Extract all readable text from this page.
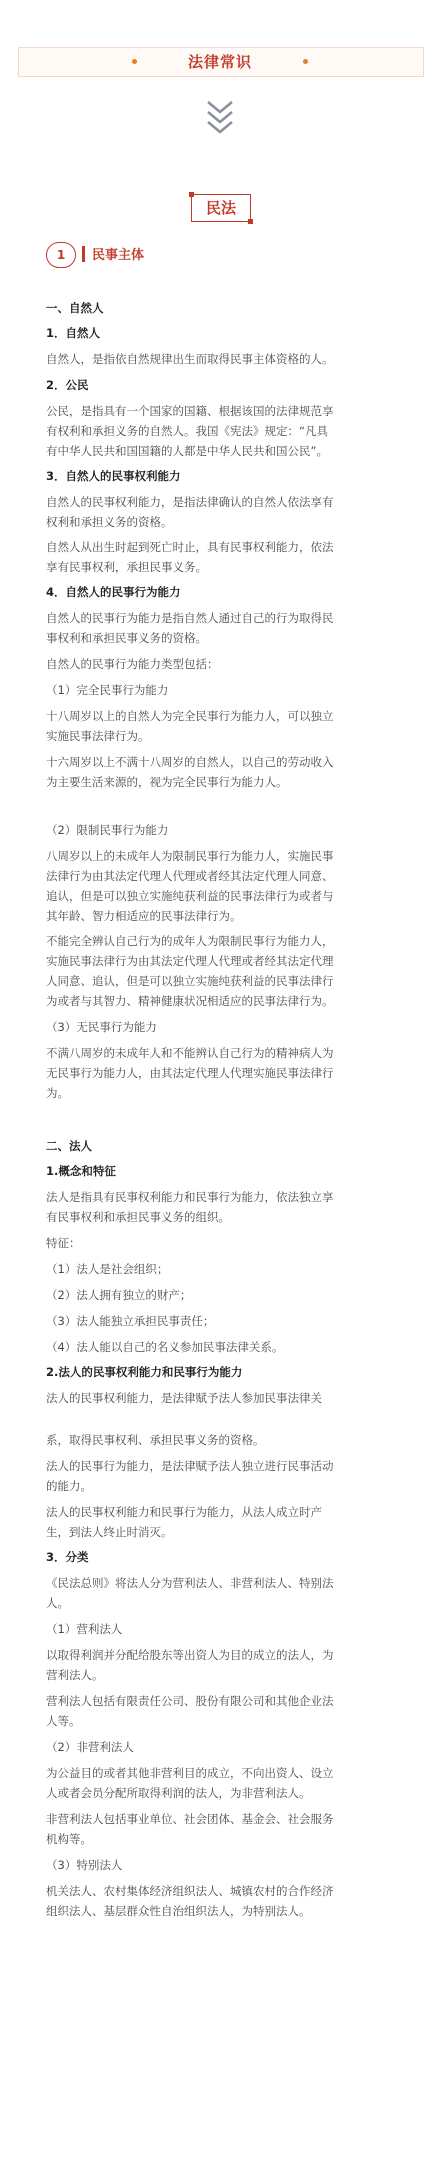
法律常识
民法
1	民事主体
一、自然人
1．自然人
自然人，是指依自然规律出生而取得民事主体资格的人。
2．公民
公民，是指具有一个国家的国籍、根据该国的法律规范享
有权利和承担义务的自然人。我国《宪法》规定：“凡具
有中华人民共和国国籍的人都是中华人民共和国公民”。
3．自然人的民事权利能力
自然人的民事权利能力，是指法律确认的自然人依法享有
权利和承担义务的资格。
自然人从出生时起到死亡时止，具有民事权利能力，依法
享有民事权利，承担民事义务。
4．自然人的民事行为能力
自然人的民事行为能力是指自然人通过自己的行为取得民
事权利和承担民事义务的资格。
自然人的民事行为能力类型包括：
（1）完全民事行为能力
十八周岁以上的自然人为完全民事行为能力人，可以独立
实施民事法律行为。
十六周岁以上不满十八周岁的自然人，以自己的劳动收入
为主要生活来源的，视为完全民事行为能力人。
（2）限制民事行为能力
八周岁以上的未成年人为限制民事行为能力人，实施民事
法律行为由其法定代理人代理或者经其法定代理人同意、
追认，但是可以独立实施纯获利益的民事法律行为或者与
其年龄、智力相适应的民事法律行为。
不能完全辨认自己行为的成年人为限制民事行为能力人，
实施民事法律行为由其法定代理人代理或者经其法定代理
人同意、追认，但是可以独立实施纯获利益的民事法律行
为或者与其智力、精神健康状况相适应的民事法律行为。
（3）无民事行为能力
不满八周岁的未成年人和不能辨认自己行为的精神病人为
无民事行为能力人，由其法定代理人代理实施民事法律行
为。
二、法人
1.概念和特征
法人是指具有民事权利能力和民事行为能力，依法独立享
有民事权利和承担民事义务的组织。
特征：
（1）法人是社会组织；
（2）法人拥有独立的财产；
（3）法人能独立承担民事责任；
（4）法人能以自己的名义参加民事法律关系。
2.法人的民事权利能力和民事行为能力
法人的民事权利能力，是法律赋予法人参加民事法律关
系，取得民事权利、承担民事义务的资格。
法人的民事行为能力，是法律赋予法人独立进行民事活动
的能力。
法人的民事权利能力和民事行为能力，从法人成立时产
生，到法人终止时消灭。
3．分类
《民法总则》将法人分为营利法人、非营利法人、特别法
人。
（1）营利法人
以取得利润并分配给股东等出资人为目的成立的法人，为
营利法人。
营利法人包括有限责任公司、股份有限公司和其他企业法
人等。
（2）非营利法人
为公益目的或者其他非营利目的成立，不向出资人、设立
人或者会员分配所取得利润的法人，为非营利法人。
非营利法人包括事业单位、社会团体、基金会、社会服务
机构等。
（3）特别法人
机关法人、农村集体经济组织法人、城镇农村的合作经济
组织法人、基层群众性自治组织法人，为特别法人。
